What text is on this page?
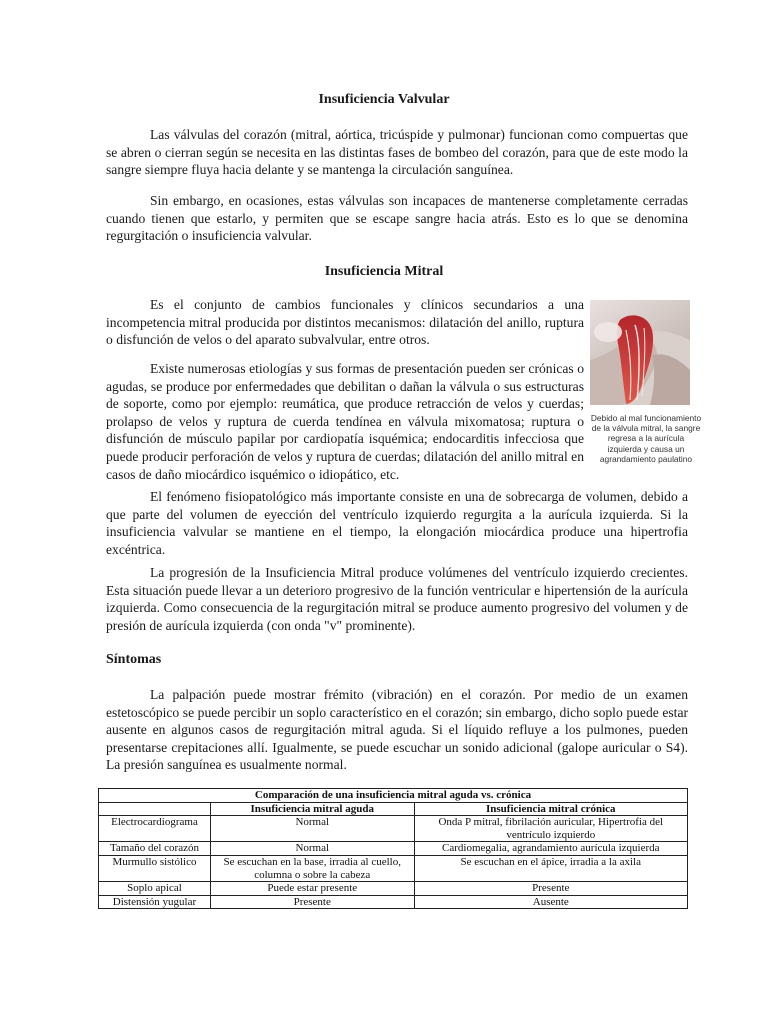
Insuficiencia Valvular

Las válvulas del corazón (mitral, aórtica, tricúspide y pulmonar) funcionan como compuertas que se abren o cierran según se necesita en las distintas fases de bombeo del corazón, para que de este modo la sangre siempre fluya hacia delante y se mantenga la circulación sanguínea.

Sin embargo, en ocasiones, estas válvulas son incapaces de mantenerse completamente cerradas cuando tienen que estarlo, y permiten que se escape sangre hacia atrás. Esto es lo que se denomina regurgitación o insuficiencia valvular.

Insuficiencia Mitral

Es el conjunto de cambios funcionales y clínicos secundarios a una incompetencia mitral producida por distintos mecanismos: dilatación del anillo, ruptura o disfunción de velos o del aparato subvalvular, entre otros.

Existe numerosas etiologías y sus formas de presentación pueden ser crónicas o agudas, se produce por enfermedades que debilitan o dañan la válvula o sus estructuras de soporte, como por ejemplo: reumática, que produce retracción de velos y cuerdas; prolapso de velos y ruptura de cuerda tendínea en válvula mixomatosa; ruptura o disfunción de músculo papilar por cardiopatía isquémica; endocarditis infecciosa que puede producir perforación de velos y ruptura de cuerdas; dilatación del anillo mitral en casos de daño miocárdico isquémico o idiopático, etc.

El fenómeno fisiopatológico más importante consiste en una de sobrecarga de volumen, debido a que parte del volumen de eyección del ventrículo izquierdo regurgita a la aurícula izquierda. Si la insuficiencia valvular se mantiene en el tiempo, la elongación miocárdica produce una hipertrofia excéntrica.

La progresión de la Insuficiencia Mitral produce volúmenes del ventrículo izquierdo crecientes. Esta situación puede llevar a un deterioro progresivo de la función ventricular e hipertensión de la aurícula izquierda. Como consecuencia de la regurgitación mitral se produce aumento progresivo del volumen y de presión de aurícula izquierda (con onda "v" prominente).

Debido al mal funcionamiento de la válvula mitral, la sangre regresa a la aurícula izquierda y causa un agrandamiento paulatino
Síntomas

La palpación puede mostrar frémito (vibración) en el corazón. Por medio de un examen estetoscópico se puede percibir un soplo característico en el corazón; sin embargo, dicho soplo puede estar ausente en algunos casos de regurgitación mitral aguda. Si el líquido refluye a los pulmones, pueden presentarse crepitaciones allí. Igualmente, se puede escuchar un sonido adicional (galope auricular o S4). La presión sanguínea es usualmente normal.

Comparación de una insuficiencia mitral aguda vs. crónica		
	Insuficiencia mitral aguda	Insuficiencia mitral crónica
Electrocardiograma	Normal	Onda P mitral, fibrilación auricular, Hipertrofia del ventrículo izquierdo
Tamaño del corazón	Normal	Cardiomegalia, agrandamiento aurícula izquierda
Murmullo sistólico	Se escuchan en la base, irradia al cuello, columna o sobre la cabeza	Se escuchan en el ápice, irradia a la axila
Soplo apical	Puede estar presente	Presente
Distensión yugular	Presente	Ausente
